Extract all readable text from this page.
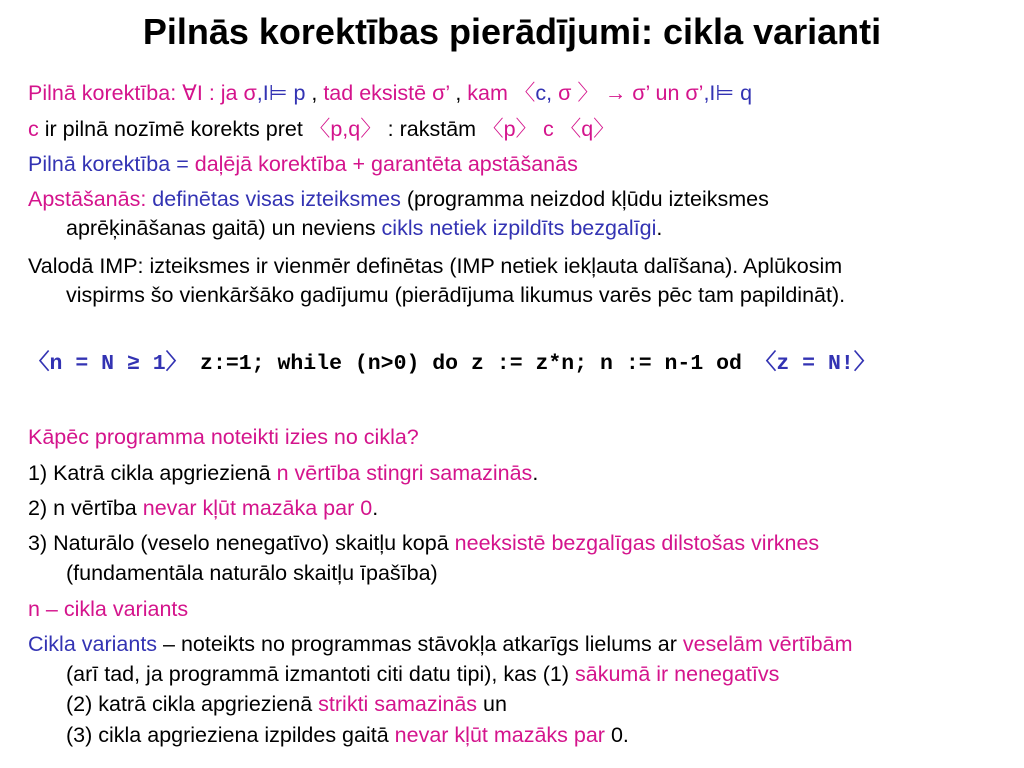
Pilnās korektības pierādījumi: cikla varianti
Pilnā korektība: ∀I : ja σ,I⊨ p , tad eksistē σ’ , kam 〈c, σ 〉 → σ’ un σ’,I⊨ q
c ir pilnā nozīmē korekts pret 〈p,q〉 : rakstām 〈p〉 c 〈q〉
Pilnā korektība = daļējā korektība + garantēta apstāšanās
Apstāšanās: definētas visas izteiksmes (programma neizdod kļūdu izteiksmes
aprēķināšanas gaitā) un neviens cikls netiek izpildīts bezgalīgi.
Valodā IMP: izteiksmes ir vienmēr definētas (IMP netiek iekļauta dalīšana). Aplūkosim
vispirms šo vienkāršāko gadījumu (pierādījuma likumus varēs pēc tam papildināt).
〈n = N ≥ 1〉 z:=1; while (n>0) do z := z*n; n := n-1 od 〈z = N!〉
Kāpēc programma noteikti izies no cikla?
1) Katrā cikla apgriezienā n vērtība stingri samazinās.
2) n vērtība nevar kļūt mazāka par 0.
3) Naturālo (veselo nenegatīvo) skaitļu kopā neeksistē bezgalīgas dilstošas virknes
(fundamentāla naturālo skaitļu īpašība)
n – cikla variants
Cikla variants – noteikts no programmas stāvokļa atkarīgs lielums ar veselām vērtībām
(arī tad, ja programmā izmantoti citi datu tipi), kas (1) sākumā ir nenegatīvs
(2) katrā cikla apgriezienā strikti samazinās un
(3) cikla apgrieziena izpildes gaitā nevar kļūt mazāks par 0.
